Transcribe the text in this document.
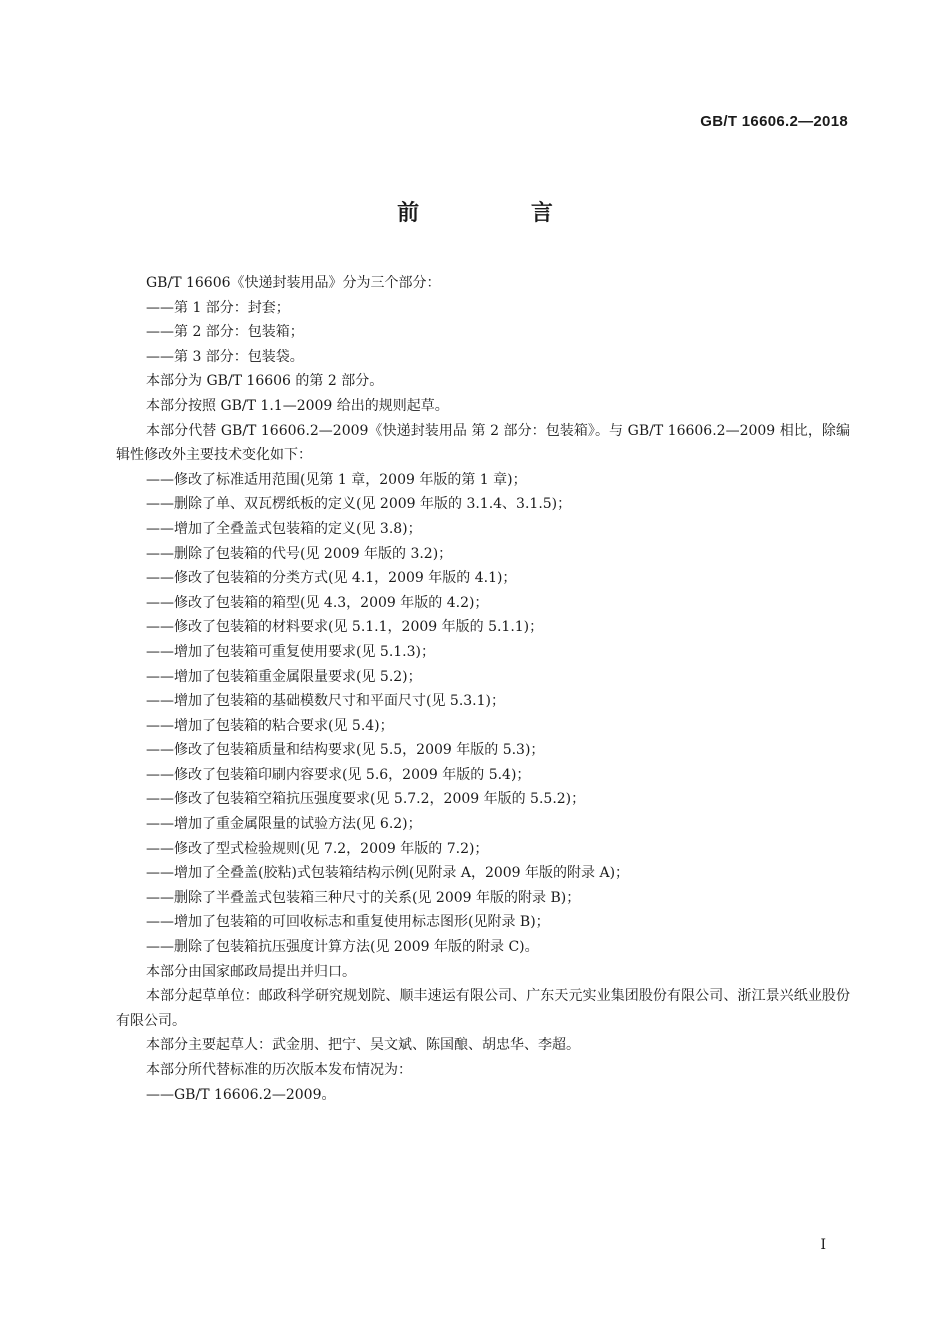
GB/T 16606.2—2018
前 言

GB/T 16606《快递封装用品》分为三个部分：

——第 1 部分：封套；

——第 2 部分：包装箱；

——第 3 部分：包装袋。

本部分为 GB/T 16606 的第 2 部分。

本部分按照 GB/T 1.1—2009 给出的规则起草。

本部分代替 GB/T 16606.2—2009《快递封装用品 第 2 部分：包装箱》。与 GB/T 16606.2—2009 相比，除编辑性修改外主要技术变化如下：

——修改了标准适用范围(见第 1 章，2009 年版的第 1 章)；

——删除了单、双瓦楞纸板的定义(见 2009 年版的 3.1.4、3.1.5)；

——增加了全叠盖式包装箱的定义(见 3.8)；

——删除了包装箱的代号(见 2009 年版的 3.2)；

——修改了包装箱的分类方式(见 4.1，2009 年版的 4.1)；

——修改了包装箱的箱型(见 4.3，2009 年版的 4.2)；

——修改了包装箱的材料要求(见 5.1.1，2009 年版的 5.1.1)；

——增加了包装箱可重复使用要求(见 5.1.3)；

——增加了包装箱重金属限量要求(见 5.2)；

——增加了包装箱的基础模数尺寸和平面尺寸(见 5.3.1)；

——增加了包装箱的粘合要求(见 5.4)；

——修改了包装箱质量和结构要求(见 5.5，2009 年版的 5.3)；

——修改了包装箱印刷内容要求(见 5.6，2009 年版的 5.4)；

——修改了包装箱空箱抗压强度要求(见 5.7.2，2009 年版的 5.5.2)；

——增加了重金属限量的试验方法(见 6.2)；

——修改了型式检验规则(见 7.2，2009 年版的 7.2)；

——增加了全叠盖(胶粘)式包装箱结构示例(见附录 A，2009 年版的附录 A)；

——删除了半叠盖式包装箱三种尺寸的关系(见 2009 年版的附录 B)；

——增加了包装箱的可回收标志和重复使用标志图形(见附录 B)；

——删除了包装箱抗压强度计算方法(见 2009 年版的附录 C)。

本部分由国家邮政局提出并归口。

本部分起草单位：邮政科学研究规划院、顺丰速运有限公司、广东天元实业集团股份有限公司、浙江景兴纸业股份有限公司。

本部分主要起草人：武金朋、把宁、吴文斌、陈国酿、胡忠华、李超。

本部分所代替标准的历次版本发布情况为：

——GB/T 16606.2—2009。

I
